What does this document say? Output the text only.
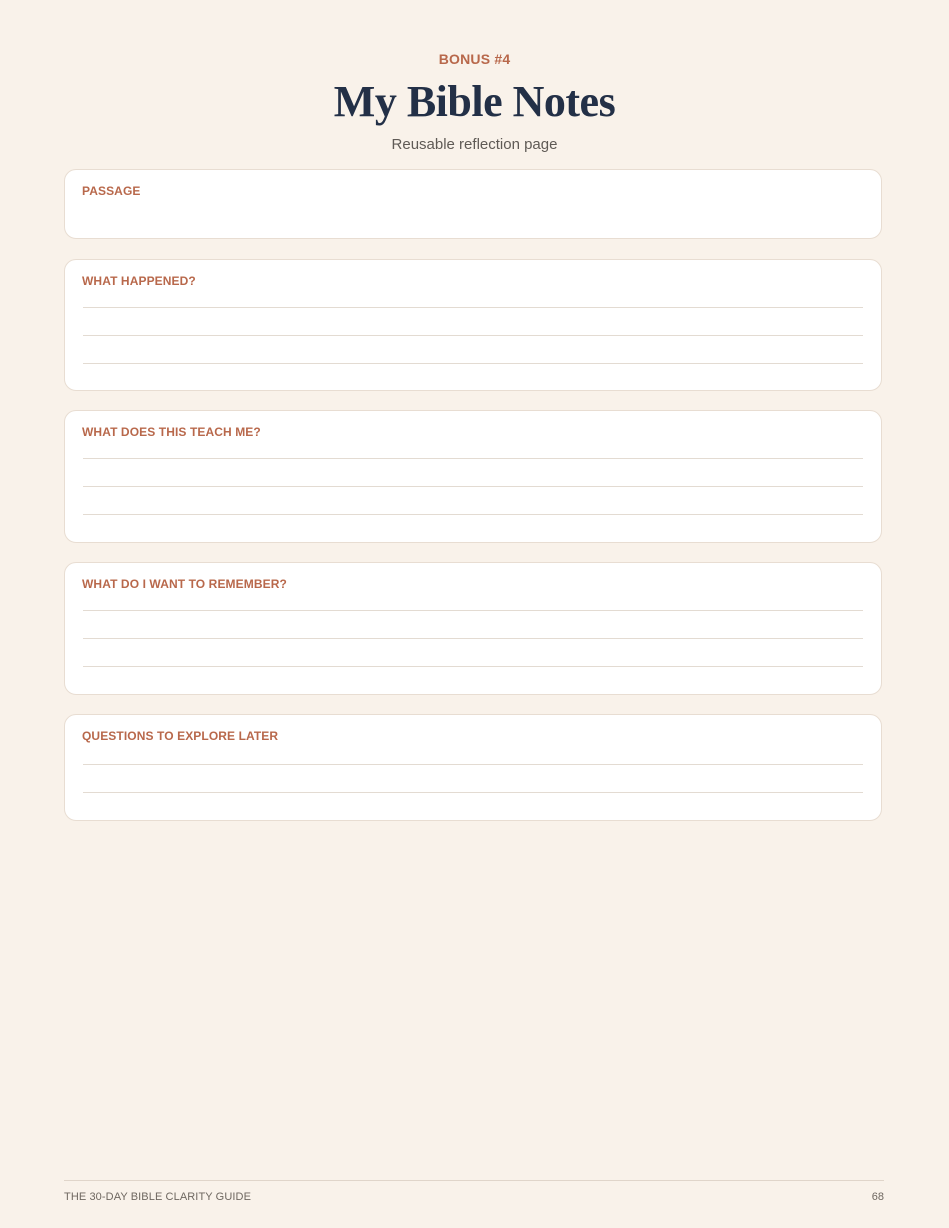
BONUS #4
My Bible Notes
Reusable reflection page
PASSAGE
WHAT HAPPENED?
WHAT DOES THIS TEACH ME?
WHAT DO I WANT TO REMEMBER?
QUESTIONS TO EXPLORE LATER
THE 30-DAY BIBLE CLARITY GUIDE	68
